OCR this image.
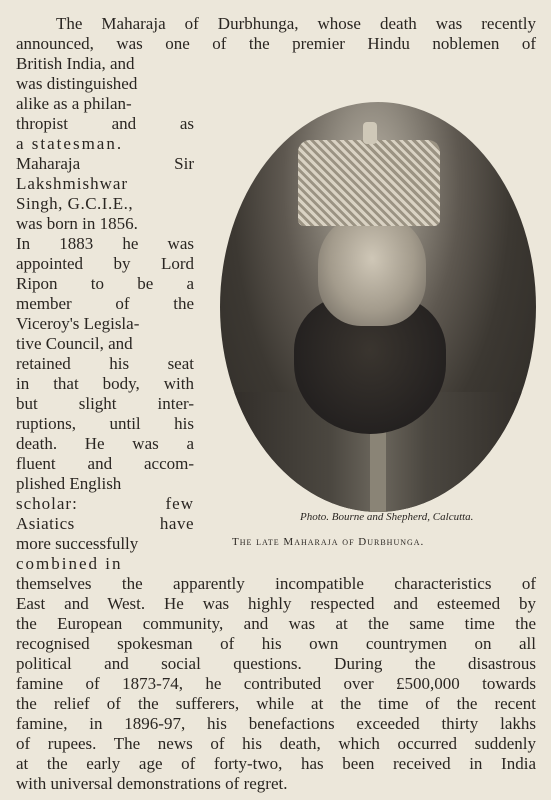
The Maharaja of Durbhunga, whose death was recently
announced, was one of the premier Hindu noblemen of
British India, and
was distinguished
alike as a philan-
thropist and as
a statesman.
Maharaja Sir
Lakshmishwar
Singh, G.C.I.E.,
was born in 1856.
In 1883 he was
appointed by Lord
Ripon to be a
member of the
Viceroy's Legisla-
tive Council, and
retained his seat
in that body, with
but slight inter-
ruptions, until his
death. He was a
fluent and accom-
plished English
scholar: few
Asiatics have
more successfully
combined in
themselves the apparently incompatible characteristics of
East and West. He was highly respected and esteemed by
the European community, and was at the same time the
recognised spokesman of his own countrymen on all
political and social questions. During the disastrous
famine of 1873-74, he contributed over £500,000 towards
the relief of the sufferers, while at the time of the recent
famine, in 1896-97, his benefactions exceeded thirty lakhs
of rupees. The news of his death, which occurred suddenly
at the early age of forty-two, has been received in India
with universal demonstrations of regret.
Photo. Bourne and Shepherd, Calcutta.
The late Maharaja of Durbhunga.
